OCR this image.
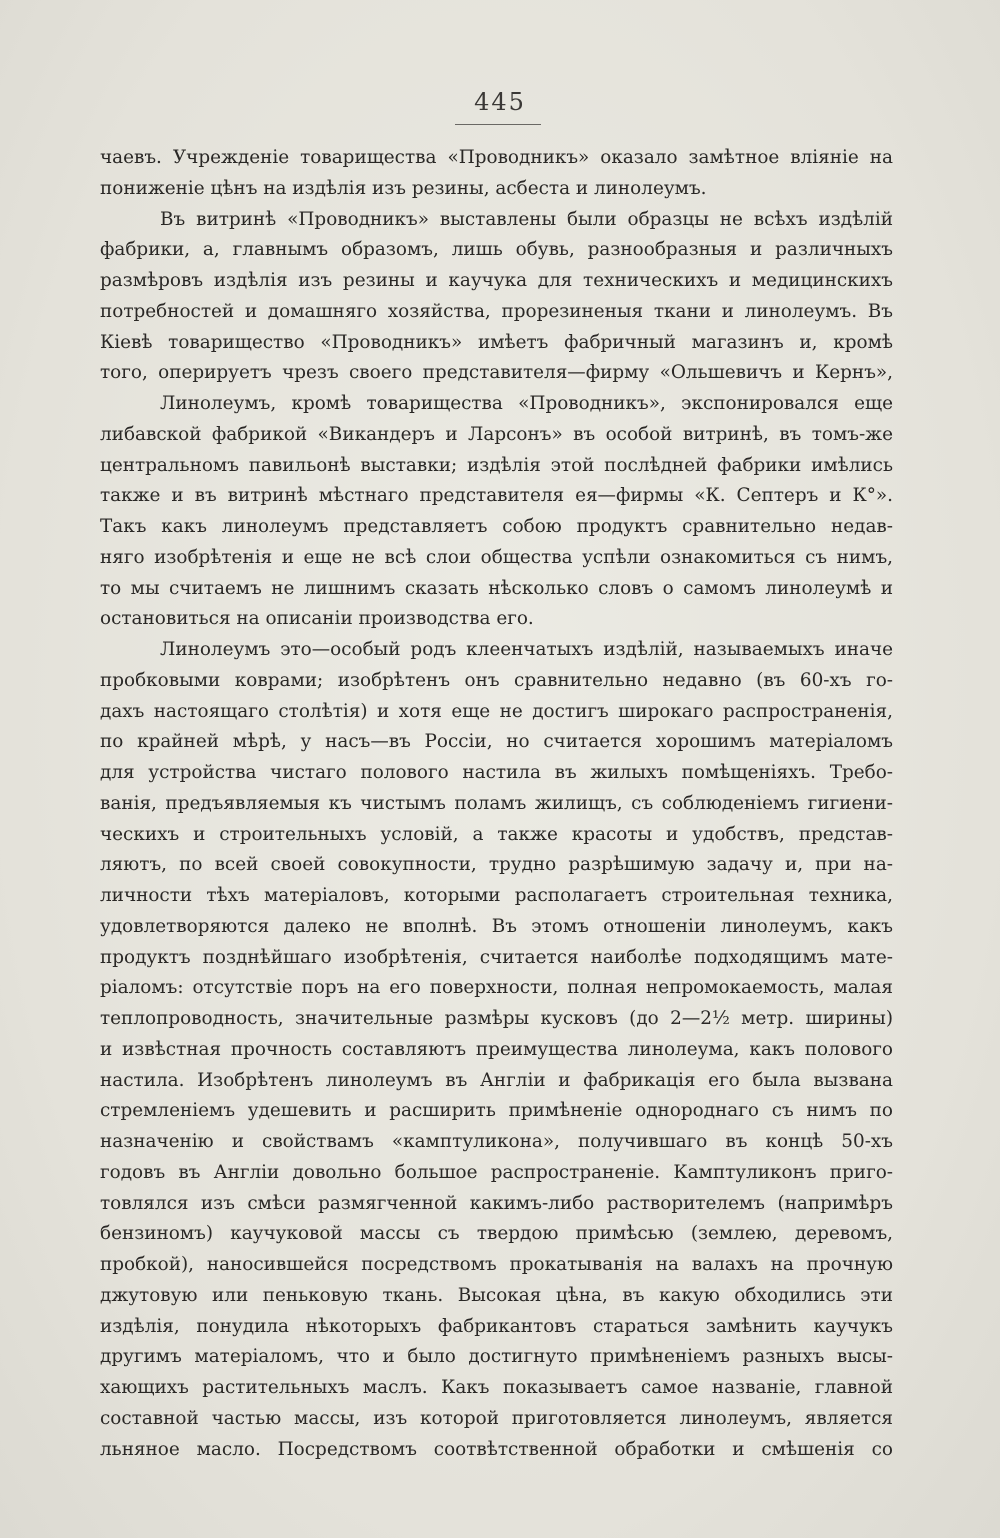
445
чаевъ. Учрежденіе товарищества «Проводникъ» оказало замѣтное вліяніе на
пониженіе цѣнъ на издѣлія изъ резины, асбеста и линолеумъ.
Въ витринѣ «Проводникъ» выставлены были образцы не всѣхъ издѣлій
фабрики, а, главнымъ образомъ, лишь обувь, разнообразныя и различныхъ
размѣровъ издѣлія изъ резины и каучука для техническихъ и медицинскихъ
потребностей и домашняго хозяйства, прорезиненыя ткани и линолеумъ. Въ
Кіевѣ товарищество «Проводникъ» имѣетъ фабричный магазинъ и, кромѣ
того, оперируетъ чрезъ своего представителя—фирму «Ольшевичъ и Кернъ»,
Линолеумъ, кромѣ товарищества «Проводникъ», экспонировался еще
либавской фабрикой «Викандеръ и Ларсонъ» въ особой витринѣ, въ томъ-же
центральномъ павильонѣ выставки; издѣлія этой послѣдней фабрики имѣлись
также и въ витринѣ мѣстнаго представителя ея—фирмы «К. Септеръ и К°».
Такъ какъ линолеумъ представляетъ собою продуктъ сравнительно недав-
няго изобрѣтенія и еще не всѣ слои общества успѣли ознакомиться съ нимъ,
то мы считаемъ не лишнимъ сказать нѣсколько словъ о самомъ линолеумѣ и
остановиться на описаніи производства его.
Линолеумъ это—особый родъ клеенчатыхъ издѣлій, называемыхъ иначе
пробковыми коврами; изобрѣтенъ онъ сравнительно недавно (въ 60-хъ го-
дахъ настоящаго столѣтія) и хотя еще не достигъ широкаго распространенія,
по крайней мѣрѣ, у насъ—въ Россіи, но считается хорошимъ матеріаломъ
для устройства чистаго полового настила въ жилыхъ помѣщеніяхъ. Требо-
ванія, предъявляемыя къ чистымъ поламъ жилищъ, съ соблюденіемъ гигиени-
ческихъ и строительныхъ условій, а также красоты и удобствъ, представ-
ляютъ, по всей своей совокупности, трудно разрѣшимую задачу и, при на-
личности тѣхъ матеріаловъ, которыми располагаетъ строительная техника,
удовлетворяются далеко не вполнѣ. Въ этомъ отношеніи линолеумъ, какъ
продуктъ позднѣйшаго изобрѣтенія, считается наиболѣе подходящимъ мате-
ріаломъ: отсутствіе поръ на его поверхности, полная непромокаемость, малая
теплопроводность, значительные размѣры кусковъ (до 2—2½ метр. ширины)
и извѣстная прочность составляютъ преимущества линолеума, какъ полового
настила. Изобрѣтенъ линолеумъ въ Англіи и фабрикація его была вызвана
стремленіемъ удешевить и расширить примѣненіе однороднаго съ нимъ по
назначенію и свойствамъ «камптуликона», получившаго въ концѣ 50-хъ
годовъ въ Англіи довольно большое распространеніе. Камптуликонъ приго-
товлялся изъ смѣси размягченной какимъ-либо растворителемъ (напримѣръ
бензиномъ) каучуковой массы съ твердою примѣсью (землею, деревомъ,
пробкой), наносившейся посредствомъ прокатыванія на валахъ на прочную
джутовую или пеньковую ткань. Высокая цѣна, въ какую обходились эти
издѣлія, понудила нѣкоторыхъ фабрикантовъ стараться замѣнить каучукъ
другимъ матеріаломъ, что и было достигнуто примѣненіемъ разныхъ высы-
хающихъ растительныхъ маслъ. Какъ показываетъ самое названіе, главной
составной частью массы, изъ которой приготовляется линолеумъ, является
льняное масло. Посредствомъ соотвѣтственной обработки и смѣшенія со
